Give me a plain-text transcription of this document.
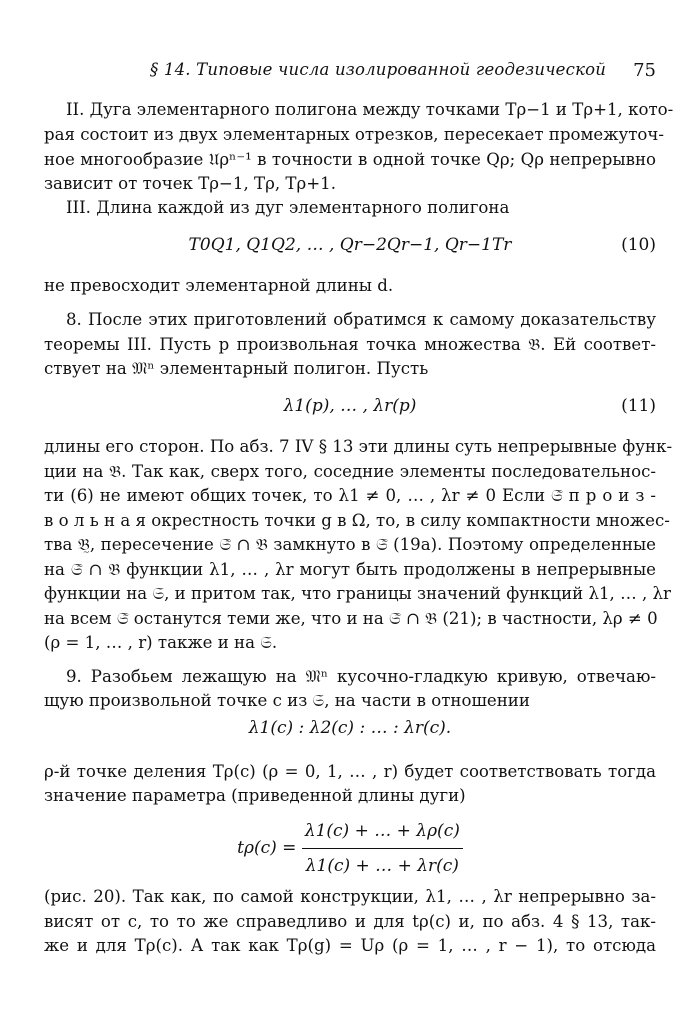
§ 14. Типовые числа изолированной геодезической 75
II. Дуга элементарного полигона между точками Tρ−1 и Tρ+1, кото-
рая состоит из двух элементарных отрезков, пересекает промежуточ-
ное многообразие 𝔘ρⁿ⁻¹ в точности в одной точке Qρ; Qρ непрерывно
зависит от точек Tρ−1, Tρ, Tρ+1.
III. Длина каждой из дуг элементарного полигона
T0Q1, Q1Q2, … , Qr−2Qr−1, Qr−1Tr	(10)
не превосходит элементарной длины d.
8. После этих приготовлений обратимся к самому доказательству
теоремы III. Пусть p произвольная точка множества 𝔅. Ей соответ-
ствует на 𝔐ⁿ элементарный полигон. Пусть
λ1(p), … , λr(p)	(11)
длины его сторон. По абз. 7 IV § 13 эти длины суть непрерывные функ-
ции на 𝔅. Так как, сверх того, соседние элементы последовательнос-
ти (6) не имеют общих точек, то λ1 ≠ 0, … , λr ≠ 0 Если 𝔖̃ п р о и з -
в о л ь н а я окрестность точки g в Ω, то, в силу компактности множес-
тва 𝔅̰, пересечение 𝔖̃ ∩ 𝔅 замкнуто в 𝔖̃ (19a). Поэтому определенные
на 𝔖̃ ∩ 𝔅 функции λ1, … , λr могут быть продолжены в непрерывные
функции на 𝔖, и притом так, что границы значений функций λ1, … , λr
на всем 𝔖̃ останутся теми же, что и на 𝔖̃ ∩ 𝔅 (21); в частности, λρ ≠ 0
(ρ = 1, … , r) также и на 𝔖.
9. Разобьем лежащую на 𝔐ⁿ кусочно-гладкую кривую, отвечаю-
щую произвольной точке c из 𝔖, на части в отношении
λ1(c) : λ2(c) : … : λr(c).
ρ-й точке деления Tρ(c) (ρ = 0, 1, … , r) будет соответствовать тогда
значение параметра (приведенной длины дуги)
$t\rho(c) = \frac{\lambda 1(c) + \dots + \lambda\rho(c)}{\lambda 1(c) + \dots + \lambda r(c)}$
(рис. 20). Так как, по самой конструкции, λ1, … , λr непрерывно за-
висят от c, то то же справедливо и для tρ(c) и, по абз. 4 § 13, так-
же и для Tρ(c). А так как Tρ(g) = Uρ (ρ = 1, … , r − 1), то отсюда
